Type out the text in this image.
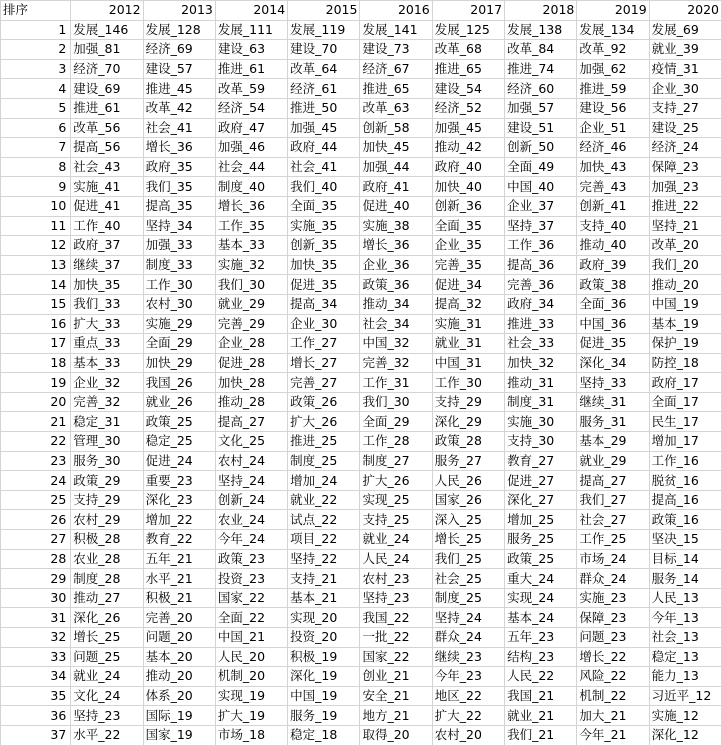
排序	2012	2013	2014	2015	2016	2017	2018	2019	2020
1	发展_146	发展_128	发展_111	发展_119	发展_141	发展_125	发展_138	发展_134	发展_69
2	加强_81	经济_69	建设_63	建设_70	建设_73	改革_68	改革_84	改革_92	就业_39
3	经济_70	建设_57	推进_61	改革_64	经济_67	推进_65	推进_74	加强_62	疫情_31
4	建设_69	推进_45	改革_59	经济_61	推进_65	建设_54	经济_60	推进_59	企业_30
5	推进_61	改革_42	经济_54	推进_50	改革_63	经济_52	加强_57	建设_56	支持_27
6	改革_56	社会_41	政府_47	加强_45	创新_58	加强_45	建设_51	企业_51	建设_25
7	提高_56	增长_36	加强_46	政府_44	加快_45	推动_42	创新_50	经济_46	经济_24
8	社会_43	政府_35	社会_44	社会_41	加强_44	政府_40	全面_49	加快_43	保障_23
9	实施_41	我们_35	制度_40	我们_40	政府_41	加快_40	中国_40	完善_43	加强_23
10	促进_41	提高_35	增长_36	全面_35	促进_40	创新_36	企业_37	创新_41	推进_22
11	工作_40	坚持_34	工作_35	实施_35	实施_38	全面_35	坚持_37	支持_40	坚持_21
12	政府_37	加强_33	基本_33	创新_35	增长_36	企业_35	工作_36	推动_40	改革_20
13	继续_37	制度_33	实施_32	加快_35	企业_36	完善_35	提高_36	政府_39	我们_20
14	加快_35	工作_30	我们_30	促进_35	政策_36	促进_34	完善_36	政策_38	推动_20
15	我们_33	农村_30	就业_29	提高_34	推动_34	提高_32	政府_34	全面_36	中国_19
16	扩大_33	实施_29	完善_29	企业_30	社会_34	实施_31	推进_33	中国_36	基本_19
17	重点_33	全面_29	企业_28	工作_27	中国_32	就业_31	社会_33	促进_35	保护_19
18	基本_33	加快_29	促进_28	增长_27	完善_32	中国_31	加快_32	深化_34	防控_18
19	企业_32	我国_26	加快_28	完善_27	工作_31	工作_30	推动_31	坚持_33	政府_17
20	完善_32	就业_26	推动_28	政策_26	我们_30	支持_29	制度_31	继续_31	全面_17
21	稳定_31	政策_25	提高_27	扩大_26	全面_29	深化_29	实施_30	服务_31	民生_17
22	管理_30	稳定_25	文化_25	推进_25	工作_28	政策_28	支持_30	基本_29	增加_17
23	服务_30	促进_24	农村_24	制度_25	制度_27	服务_27	教育_27	就业_29	工作_16
24	政策_29	重要_23	坚持_24	增加_24	扩大_26	人民_26	促进_27	提高_27	脱贫_16
25	支持_29	深化_23	创新_24	就业_22	实现_25	国家_26	深化_27	我们_27	提高_16
26	农村_29	增加_22	农业_24	试点_22	支持_25	深入_25	增加_25	社会_27	政策_16
27	积极_28	教育_22	今年_24	项目_22	就业_24	增长_25	服务_25	工作_25	坚决_15
28	农业_28	五年_21	政策_23	坚持_22	人民_24	我们_25	政策_25	市场_24	目标_14
29	制度_28	水平_21	投资_23	支持_21	农村_23	社会_25	重大_24	群众_24	服务_14
30	推动_27	积极_21	国家_22	基本_21	坚持_23	制度_25	实现_24	实施_23	人民_13
31	深化_26	完善_20	全面_22	实现_20	我国_22	坚持_24	基本_24	保障_23	今年_13
32	增长_25	问题_20	中国_21	投资_20	一批_22	群众_24	五年_23	问题_23	社会_13
33	问题_25	基本_20	人民_20	积极_19	国家_22	继续_23	结构_23	增长_22	稳定_13
34	就业_24	推动_20	机制_20	深化_19	创业_21	今年_23	人民_22	风险_22	能力_13
35	文化_24	体系_20	实现_19	中国_19	安全_21	地区_22	我国_21	机制_22	习近平_12
36	坚持_23	国际_19	扩大_19	服务_19	地方_21	扩大_22	就业_21	加大_21	实施_12
37	水平_22	国家_19	市场_18	稳定_18	取得_20	农村_20	我们_21	今年_21	深化_12
